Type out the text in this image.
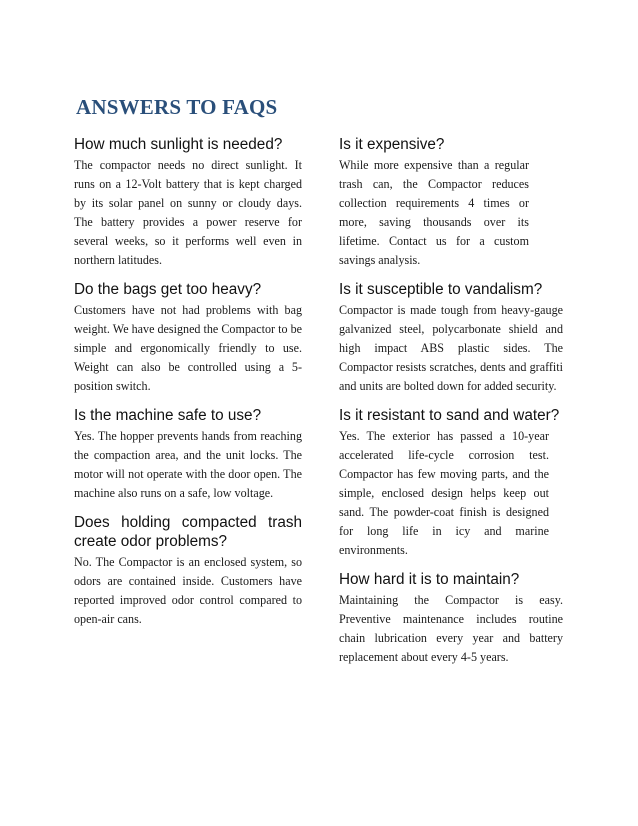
ANSWERS TO FAQS
How much sunlight is needed?

The compactor needs no direct sunlight. It runs on a 12-Volt battery that is kept charged by its solar panel on sunny or cloudy days. The battery provides a power reserve for several weeks, so it performs well even in northern latitudes.

Do the bags get too heavy?

Customers have not had problems with bag weight. We have designed the Compactor to be simple and ergonomically friendly to use. Weight can also be controlled using a 5-position switch.

Is the machine safe to use?

Yes. The hopper prevents hands from reaching the compaction area, and the unit locks. The motor will not operate with the door open. The machine also runs on a safe, low voltage.

Does holding compacted trash create odor problems?

No. The Compactor is an enclosed system, so odors are contained inside. Customers have reported improved odor control compared to open-air cans.

Is it expensive?

While more expensive than a regular trash can, the Compactor reduces collection requirements 4 times or more, saving thousands over its lifetime. Contact us for a custom savings analysis.

Is it susceptible to vandalism?

Compactor is made tough from heavy-gauge galvanized steel, polycarbonate shield and high impact ABS plastic sides. The Compactor resists scratches, dents and graffiti and units are bolted down for added security.

Is it resistant to sand and water?

Yes. The exterior has passed a 10-year accelerated life-cycle corrosion test. Compactor has few moving parts, and the simple, enclosed design helps keep out sand. The powder-coat finish is designed for long life in icy and marine environments.

How hard it is to maintain?

Maintaining the Compactor is easy. Preventive maintenance includes routine chain lubrication every year and battery replacement about every 4-5 years.
